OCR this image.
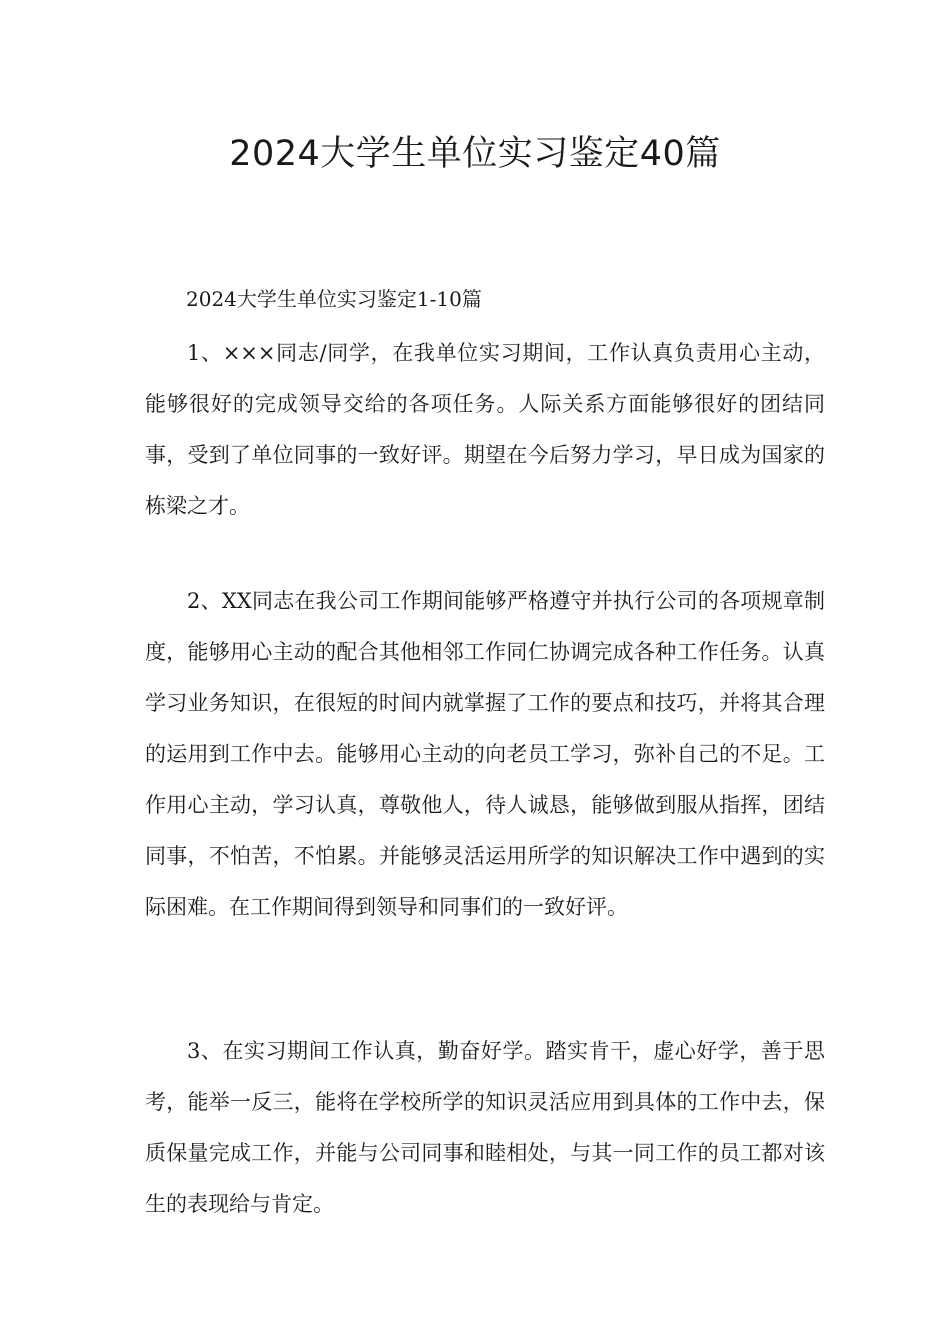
2024大学生单位实习鉴定40篇
2024大学生单位实习鉴定1-10篇

1、×××同志/同学，在我单位实习期间，工作认真负责用心主动，能够很好的完成领导交给的各项任务。人际关系方面能够很好的团结同事，受到了单位同事的一致好评。期望在今后努力学习，早日成为国家的栋梁之才。

2、XX同志在我公司工作期间能够严格遵守并执行公司的各项规章制度，能够用心主动的配合其他相邻工作同仁协调完成各种工作任务。认真学习业务知识，在很短的时间内就掌握了工作的要点和技巧，并将其合理的运用到工作中去。能够用心主动的向老员工学习，弥补自己的不足。工作用心主动，学习认真，尊敬他人，待人诚恳，能够做到服从指挥，团结同事，不怕苦，不怕累。并能够灵活运用所学的知识解决工作中遇到的实际困难。在工作期间得到领导和同事们的一致好评。

3、在实习期间工作认真，勤奋好学。踏实肯干，虚心好学，善于思考，能举一反三，能将在学校所学的知识灵活应用到具体的工作中去，保质保量完成工作，并能与公司同事和睦相处，与其一同工作的员工都对该生的表现给与肯定。
